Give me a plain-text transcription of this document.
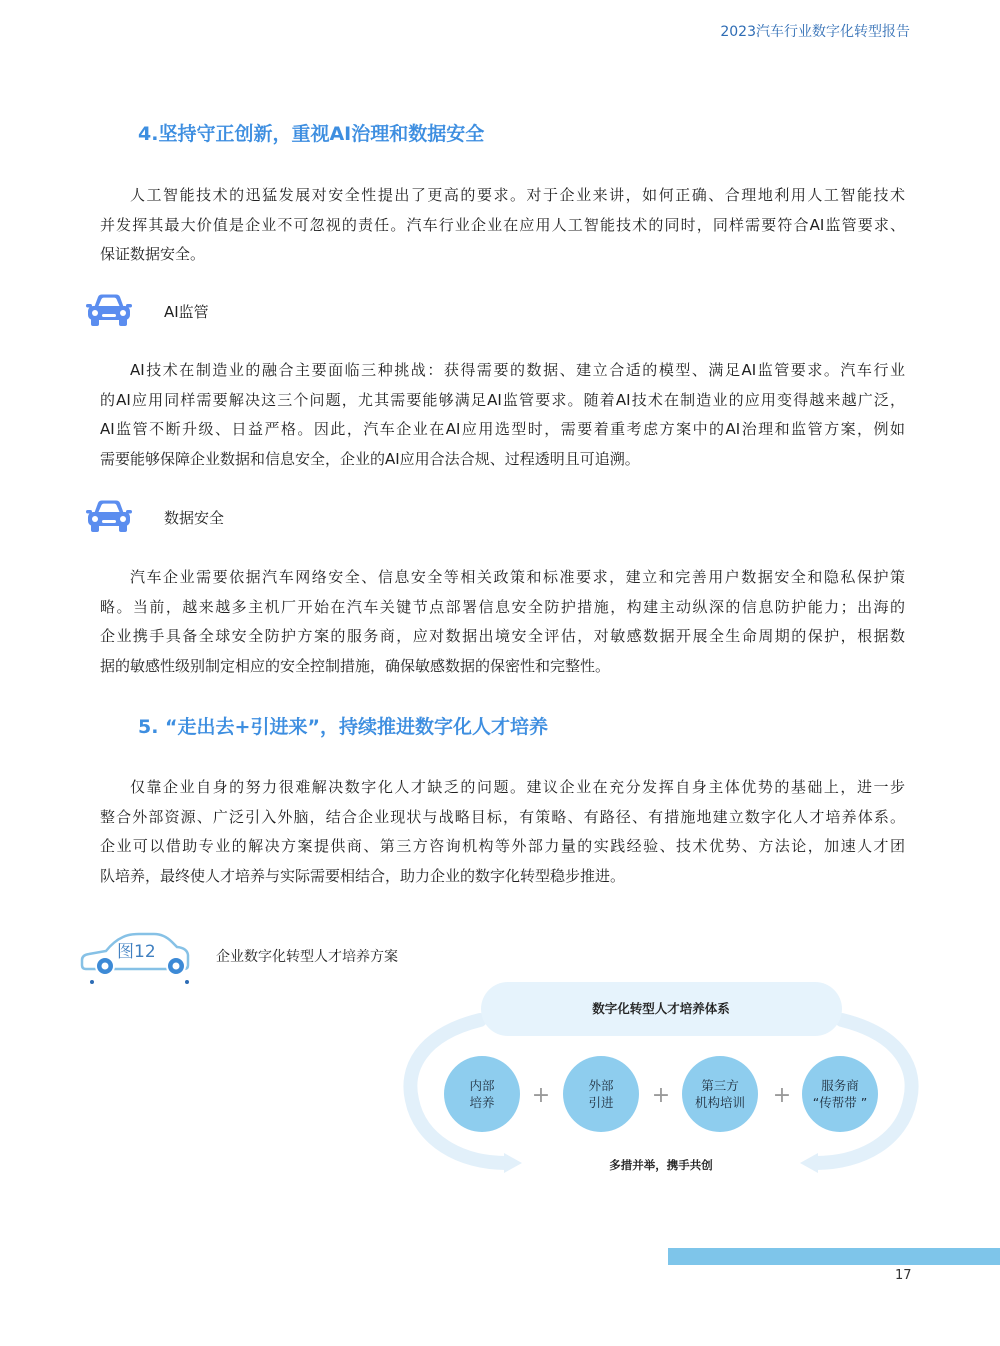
2023汽车行业数字化转型报告
4.坚持守正创新，重视AI治理和数据安全
人工智能技术的迅猛发展对安全性提出了更高的要求。对于企业来讲，如何正确、合理地利用人工智能技术
并发挥其最大价值是企业不可忽视的责任。汽车行业企业在应用人工智能技术的同时，同样需要符合AI监管要求、
保证数据安全。
AI监管
AI技术在制造业的融合主要面临三种挑战：获得需要的数据、建立合适的模型、满足AI监管要求。汽车行业
的AI应用同样需要解决这三个问题，尤其需要能够满足AI监管要求。随着AI技术在制造业的应用变得越来越广泛，
AI监管不断升级、日益严格。因此，汽车企业在AI应用选型时，需要着重考虑方案中的AI治理和监管方案，例如
需要能够保障企业数据和信息安全，企业的AI应用合法合规、过程透明且可追溯。
数据安全
汽车企业需要依据汽车网络安全、信息安全等相关政策和标准要求，建立和完善用户数据安全和隐私保护策
略。当前，越来越多主机厂开始在汽车关键节点部署信息安全防护措施，构建主动纵深的信息防护能力；出海的
企业携手具备全球安全防护方案的服务商，应对数据出境安全评估，对敏感数据开展全生命周期的保护，根据数
据的敏感性级别制定相应的安全控制措施，确保敏感数据的保密性和完整性。
5. “走出去+引进来”，持续推进数字化人才培养
仅靠企业自身的努力很难解决数字化人才缺乏的问题。建议企业在充分发挥自身主体优势的基础上，进一步
整合外部资源、广泛引入外脑，结合企业现状与战略目标，有策略、有路径、有措施地建立数字化人才培养体系。
企业可以借助专业的解决方案提供商、第三方咨询机构等外部力量的实践经验、技术优势、方法论，加速人才团
队培养，最终使人才培养与实际需要相结合，助力企业的数字化转型稳步推进。
图12	企业数字化转型人才培养方案
数字化转型人才培养体系
内部
培养 +	外部
引进 + 第三方
机构培训 + 服务商
“传帮带 ”
多措并举，携手共创
17
